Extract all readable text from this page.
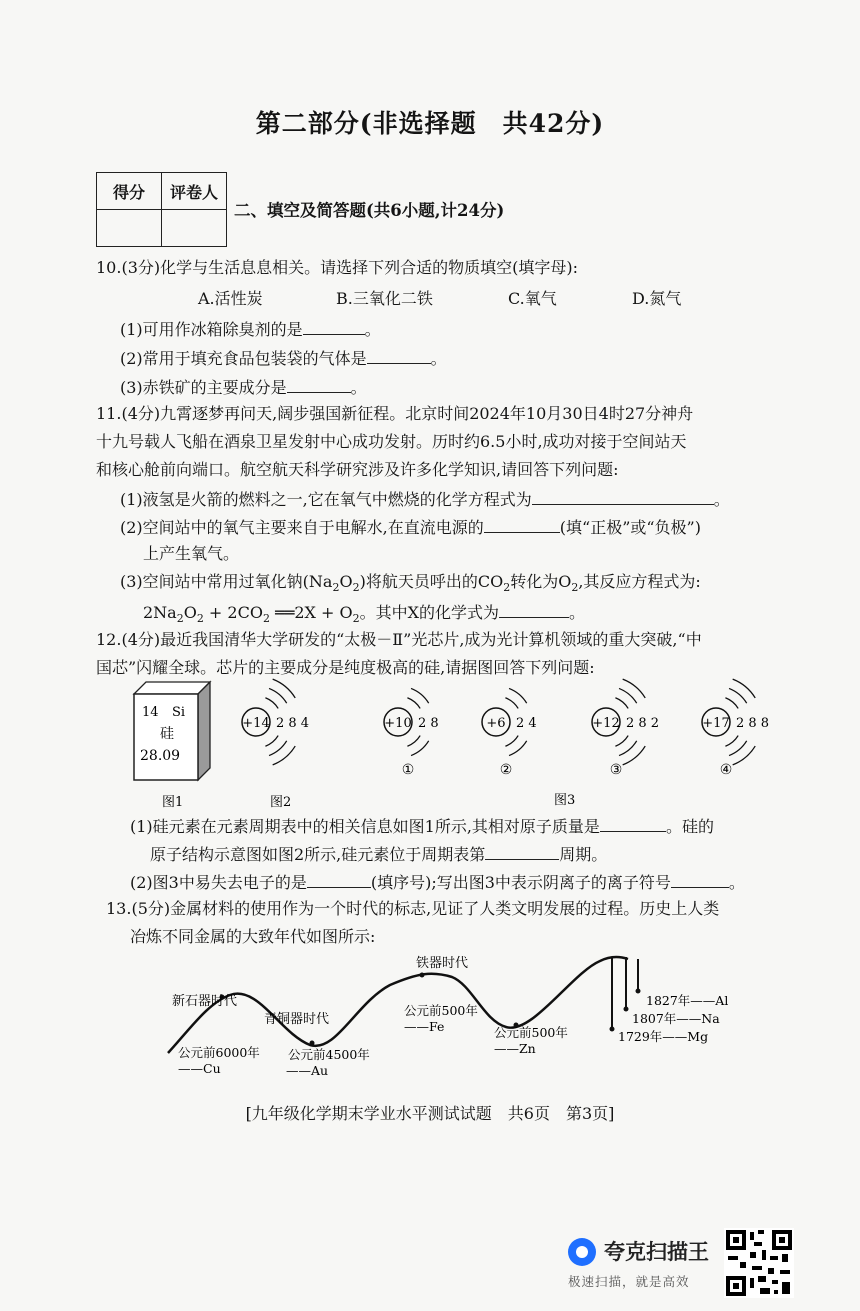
第二部分(非选择题　共42分)
得分	评卷人

二、填空及简答题(共6小题,计24分)
10.(3分)化学与生活息息相关。请选择下列合适的物质填空(填字母):
A.活性炭	B.三氧化二铁	C.氧气	D.氮气
(1)可用作冰箱除臭剂的是	。
(2)常用于填充食品包装袋的气体是	。
(3)赤铁矿的主要成分是	。
11.(4分)九霄逐梦再问天,阔步强国新征程。北京时间2024年10月30日4时27分神舟
十九号载人飞船在酒泉卫星发射中心成功发射。历时约6.5小时,成功对接于空间站天
和核心舱前向端口。航空航天科学研究涉及许多化学知识,请回答下列问题:
(1)液氢是火箭的燃料之一,它在氧气中燃烧的化学方程式为	。
(2)空间站中的氧气主要来自于电解水,在直流电源的	(填“正极”或“负极”)
上产生氧气。
(3)空间站中常用过氧化钠$(Na_2O_2)$将航天员呼出的$CO_2$转化为$O_2$,其反应方程式为:
$2Na_2O_2 + 2CO_2$ ══2X + $O_2$。其中X的化学式为	。
12.(4分)最近我国清华大学研发的“太极－Ⅱ”光芯片,成为光计算机领域的重大突破,“中
国芯”闪耀全球。芯片的主要成分是纯度极高的硅,请据图回答下列问题:
14 Si
硅
28.09
+14 2 8 4	+10 2 8
①
+6 2 4
②
+12 2 8 2
③
+17 2 8 8
④
图1	图2	图3
(1)硅元素在元素周期表中的相关信息如图1所示,其相对原子质量是	。硅的
原子结构示意图如图2所示,硅元素位于周期表第	周期。
(2)图3中易失去电子的是	(填序号);写出图3中表示阴离子的离子符号	。
13.(5分)金属材料的使用作为一个时代的标志,见证了人类文明发展的过程。历史上人类
冶炼不同金属的大致年代如图所示:
新石器时代
青铜器时代
铁器时代
公元前6000年
——Cu
公元前4500年
——Au
公元前500年
——Fe	公元前500年
——Zn
1827年——Al
1807年——Na
1729年——Mg
[九年级化学期末学业水平测试试题　共6页　第3页]
夸克扫描王
极速扫描，就是高效
